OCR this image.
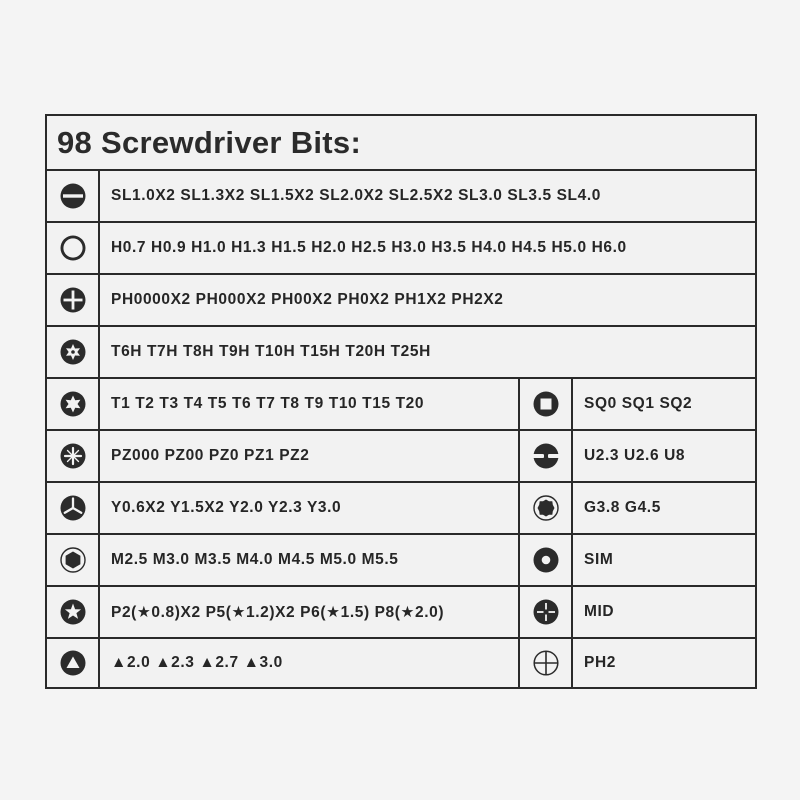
98 Screwdriver Bits:
SL1.0X2 SL1.3X2 SL1.5X2 SL2.0X2 SL2.5X2 SL3.0 SL3.5 SL4.0
H0.7 H0.9 H1.0 H1.3 H1.5 H2.0 H2.5 H3.0 H3.5 H4.0 H4.5 H5.0 H6.0
PH0000X2 PH000X2 PH00X2 PH0X2 PH1X2 PH2X2
T6H T7H T8H T9H T10H T15H T20H T25H
T1 T2 T3 T4 T5 T6 T7 T8 T9 T10 T15 T20	SQ0 SQ1 SQ2
PZ000 PZ00 PZ0 PZ1 PZ2	U2.3 U2.6 U8
Y0.6X2 Y1.5X2 Y2.0 Y2.3 Y3.0	G3.8 G4.5
M2.5 M3.0 M3.5 M4.0 M4.5 M5.0 M5.5	SIM
P2(★0.8)X2 P5(★1.2)X2 P6(★1.5) P8(★2.0)	MID
▲2.0 ▲2.3 ▲2.7 ▲3.0	PH2
